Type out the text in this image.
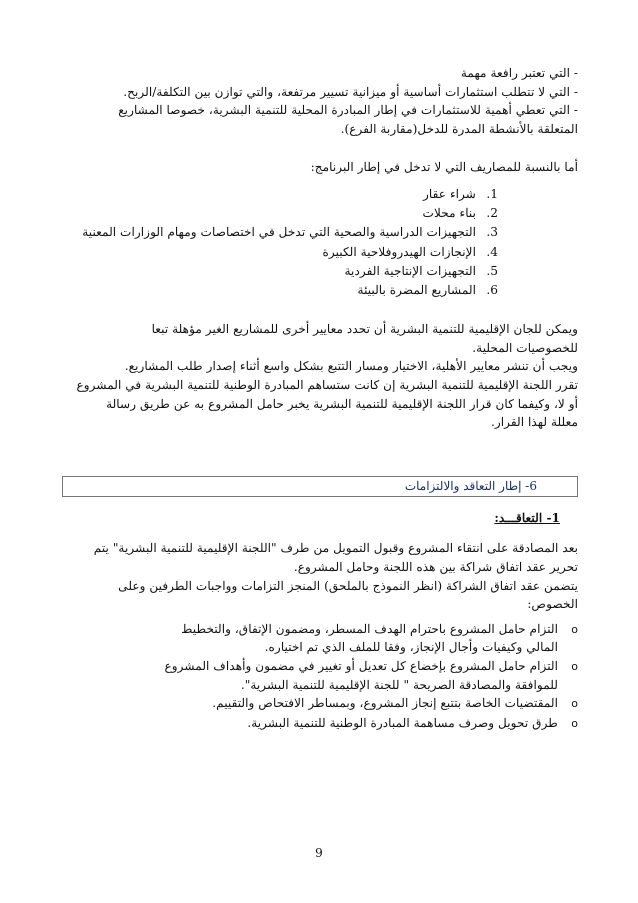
- التي تعتبر رافعة مهمة
- التي لا تتطلب استثمارات أساسية أو ميزانية تسيير مرتفعة، والتي توازن بين التكلفة/الربح.
- التي تعطي أهمية للاستثمارات في إطار المبادرة المحلية للتنمية البشرية، خصوصا المشاريع
المتعلقة بالأنشطة المدرة للدخل(مقاربة الفرع).
أما بالنسبة للمصاريف التي لا تدخل في إطار البرنامج:
1.
شراء عقار
2.
بناء محلات
3.
التجهيزات الدراسية والصحية التي تدخل في اختصاصات ومهام الوزارات المعنية
4.
الإنجازات الهيدروفلاحية الكبيرة
5.
التجهيزات الإنتاجية الفردية
6.
المشاريع المضرة بالبيئة
ويمكن للجان الإقليمية للتنمية البشرية أن تحدد معايير أخرى للمشاريع الغير مؤهلة تبعا
للخصوصيات المحلية.
ويجب أن تنشر معايير الأهلية، الاختيار ومسار التتبع بشكل واسع أثناء إصدار طلب المشاريع.
تقرر اللجنة الإقليمية للتنمية البشرية إن كانت ستساهم المبادرة الوطنية للتنمية البشرية في المشروع
أو لا، وكيفما كان قرار اللجنة الإقليمية للتنمية البشرية يخبر حامل المشروع به عن طريق رسالة
معللة لهذا القرار.
6- إطار التعاقد والالتزامات
1- التعاقـــد:
بعد المصادقة على انتقاء المشروع وقبول التمويل من طرف "اللجنة الإقليمية للتنمية البشرية" يتم
تحرير عقد اتفاق شراكة بين هذه اللجنة وحامل المشروع.
يتضمن عقد اتفاق الشراكة (انظر النموذج بالملحق) المنجز التزامات وواجبات الطرفين وعلى
الخصوص:
o
التزام حامل المشروع باحترام الهدف المسطر، ومضمون الإتفاق، والتخطيط
المالي وكيفيات وأجال الإنجاز، وفقا للملف الذي تم اختياره.
o
التزام حامل المشروع بإخضاع كل تعديل أو تغيير في مضمون وأهداف المشروع
للموافقة والمصادقة الصريحة " للجنة الإقليمية للتنمية البشرية".
o
المقتضيات الخاصة بتتبع إنجاز المشروع، وبمساطر الافتحاص والتقييم.
o
طرق تحويل وصرف مساهمة المبادرة الوطنية للتنمية البشرية.
9
